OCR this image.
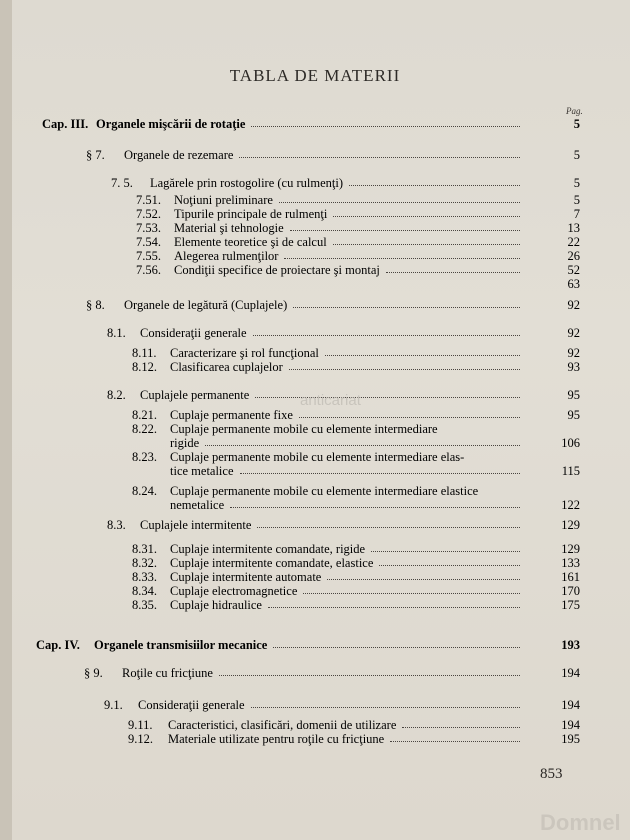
TABLA DE MATERII
Pag.
Cap. III. Organele mişcării de rotaţie	5
§ 7. Organele de rezemare	5
7. 5. Lagărele prin rostogolire (cu rulmenţi)	5
7.51. Noţiuni preliminare	5
7.52. Tipurile principale de rulmenţi	7
7.53. Material şi tehnologie	13
7.54. Elemente teoretice şi de calcul	22
7.55. Alegerea rulmenţilor	26
7.56. Condiţii specifice de proiectare şi montaj	52
63
§ 8. Organele de legătură (Cuplajele)	92
8.1. Consideraţii generale	92
8.11. Caracterizare şi rol funcţional	92
8.12. Clasificarea cuplajelor	93
8.2. Cuplajele permanente	95
8.21. Cuplaje permanente fixe	95
8.22. Cuplaje permanente mobile cu elemente intermediare
rigide	106
8.23. Cuplaje permanente mobile cu elemente intermediare elas-
tice metalice	115
8.24. Cuplaje permanente mobile cu elemente intermediare elastice
nemetalice	122
8.3. Cuplajele intermitente	129
8.31. Cuplaje intermitente comandate, rigide	129
8.32. Cuplaje intermitente comandate, elastice	133
8.33. Cuplaje intermitente automate	161
8.34. Cuplaje electromagnetice	170
8.35. Cuplaje hidraulice	175
Cap. IV. Organele transmisiilor mecanice	193
§ 9. Roţile cu fricţiune	194
9.1. Consideraţii generale	194
9.11. Caracteristici, clasificări, domenii de utilizare	194
9.12. Materiale utilizate pentru roţile cu fricţiune	195
anticariat
Domnel
853
